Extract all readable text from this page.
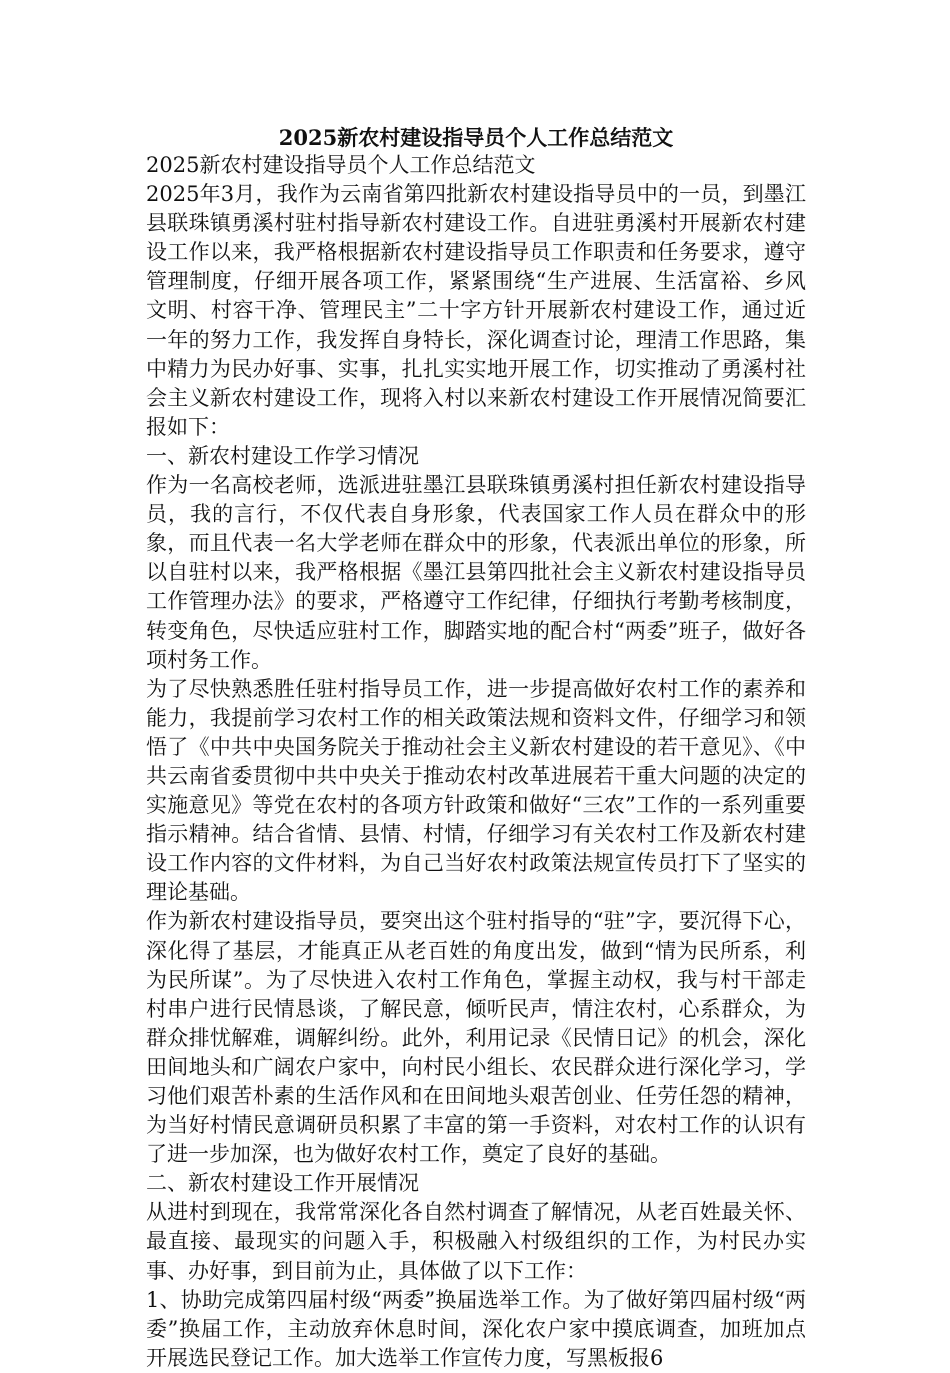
2025新农村建设指导员个人工作总结范文

2025新农村建设指导员个人工作总结范文

2025年3月，我作为云南省第四批新农村建设指导员中的一员，到墨江县联珠镇勇溪村驻村指导新农村建设工作。自进驻勇溪村开展新农村建设工作以来，我严格根据新农村建设指导员工作职责和任务要求，遵守管理制度，仔细开展各项工作，紧紧围绕“生产进展、生活富裕、乡风文明、村容干净、管理民主”二十字方针开展新农村建设工作，通过近一年的努力工作，我发挥自身特长，深化调查讨论，理清工作思路，集中精力为民办好事、实事，扎扎实实地开展工作，切实推动了勇溪村社会主义新农村建设工作，现将入村以来新农村建设工作开展情况简要汇报如下：

一、新农村建设工作学习情况

作为一名高校老师，选派进驻墨江县联珠镇勇溪村担任新农村建设指导员，我的言行，不仅代表自身形象，代表国家工作人员在群众中的形象，而且代表一名大学老师在群众中的形象，代表派出单位的形象，所以自驻村以来，我严格根据《墨江县第四批社会主义新农村建设指导员工作管理办法》的要求，严格遵守工作纪律，仔细执行考勤考核制度，转变角色，尽快适应驻村工作，脚踏实地的配合村“两委”班子，做好各项村务工作。

为了尽快熟悉胜任驻村指导员工作，进一步提高做好农村工作的素养和能力，我提前学习农村工作的相关政策法规和资料文件，仔细学习和领悟了《中共中央国务院关于推动社会主义新农村建设的若干意见》、《中共云南省委贯彻中共中央关于推动农村改革进展若干重大问题的决定的实施意见》等党在农村的各项方针政策和做好“三农”工作的一系列重要指示精神。结合省情、县情、村情，仔细学习有关农村工作及新农村建设工作内容的文件材料，为自己当好农村政策法规宣传员打下了坚实的理论基础。

作为新农村建设指导员，要突出这个驻村指导的“驻”字，要沉得下心，深化得了基层，才能真正从老百姓的角度出发，做到“情为民所系，利为民所谋”。为了尽快进入农村工作角色，掌握主动权，我与村干部走村串户进行民情恳谈，了解民意，倾听民声，情注农村，心系群众，为群众排忧解难，调解纠纷。此外，利用记录《民情日记》的机会，深化田间地头和广阔农户家中，向村民小组长、农民群众进行深化学习，学习他们艰苦朴素的生活作风和在田间地头艰苦创业、任劳任怨的精神，为当好村情民意调研员积累了丰富的第一手资料，对农村工作的认识有了进一步加深，也为做好农村工作，奠定了良好的基础。

二、新农村建设工作开展情况

从进村到现在，我常常深化各自然村调查了解情况，从老百姓最关怀、最直接、最现实的问题入手，积极融入村级组织的工作，为村民办实事、办好事，到目前为止，具体做了以下工作：

1、协助完成第四届村级“两委”换届选举工作。为了做好第四届村级“两委”换届工作，主动放弃休息时间，深化农户家中摸底调查，加班加点开展选民登记工作。加大选举工作宣传力度，写黑板报6
